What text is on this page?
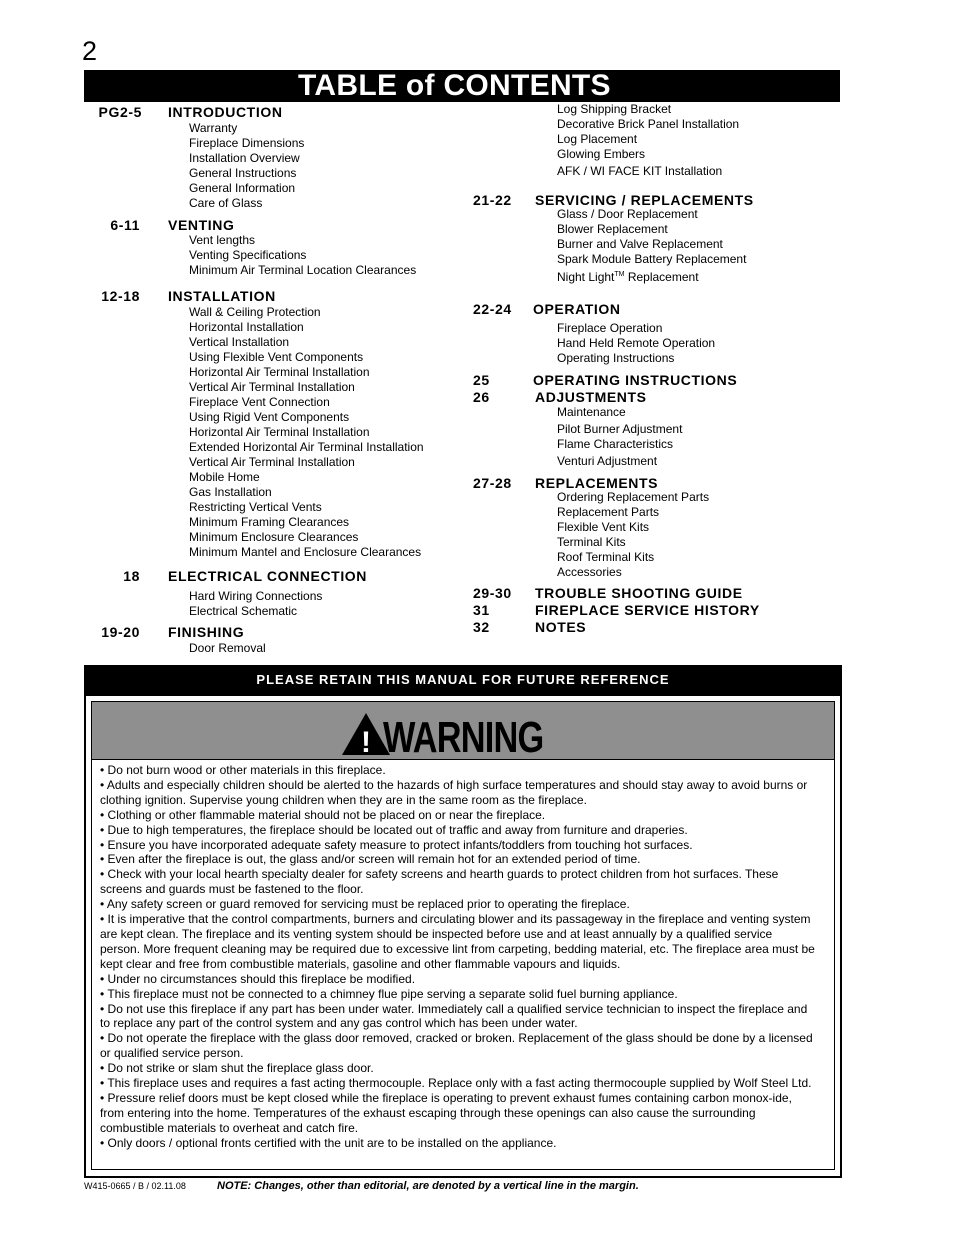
2
TABLE of CONTENTS
PG2-5 INTRODUCTION
Warranty
Fireplace Dimensions
Installation Overview
General Instructions
General Information
Care of Glass
6-11 VENTING
Vent lengths
Venting Specifications
Minimum Air Terminal Location Clearances
12-18 INSTALLATION
Wall & Ceiling Protection
Horizontal Installation
Vertical Installation
Using Flexible Vent Components
Horizontal Air Terminal Installation
Vertical Air Terminal Installation
Fireplace Vent Connection
Using Rigid Vent Components
Horizontal Air Terminal Installation
Extended Horizontal Air Terminal Installation
Vertical Air Terminal Installation
Mobile Home
Gas Installation
Restricting Vertical Vents
Minimum Framing Clearances
Minimum Enclosure Clearances
Minimum Mantel and Enclosure Clearances
18 ELECTRICAL CONNECTION
Hard Wiring Connections
Electrical Schematic
19-20 FINISHING
Door Removal
Log Shipping Bracket
Decorative Brick Panel Installation
Log Placement
Glowing Embers
AFK / WI FACE KIT Installation
21-22 SERVICING / REPLACEMENTS
Glass / Door Replacement
Blower Replacement
Burner and Valve Replacement
Spark Module Battery Replacement
Night Light™ Replacement
22-24 OPERATION
Fireplace Operation
Hand Held Remote Operation
Operating Instructions
25	OPERATING INSTRUCTIONS
26	ADJUSTMENTS
Maintenance
Pilot Burner Adjustment
Flame Characteristics
Venturi Adjustment
27-28 REPLACEMENTS
Ordering Replacement Parts
Replacement Parts
Flexible Vent Kits
Terminal Kits
Roof Terminal Kits
Accessories
29-30 TROUBLE SHOOTING GUIDE
31	FIREPLACE SERVICE HISTORY
32	NOTES
PLEASE RETAIN THIS MANUAL FOR FUTURE REFERENCE
! WARNING
• Do not burn wood or other materials in this fireplace.
• Adults and especially children should be alerted to the hazards of high surface temperatures and should stay away to avoid burns or clothing ignition. Supervise young children when they are in the same room as the fireplace.
• Clothing or other flammable material should not be placed on or near the fireplace.
• Due to high temperatures, the fireplace should be located out of traffic and away from furniture and draperies.
• Ensure you have incorporated adequate safety measure to protect infants/toddlers from touching hot surfaces.
• Even after the fireplace is out, the glass and/or screen will remain hot for an extended period of time.
• Check with your local hearth specialty dealer for safety screens and hearth guards to protect children from hot surfaces. These screens and guards must be fastened to the floor.
• Any safety screen or guard removed for servicing must be replaced prior to operating the fireplace.
• It is imperative that the control compartments, burners and circulating blower and its passageway in the fireplace and venting system are kept clean. The fireplace and its venting system should be inspected before use and at least annually by a qualified service person. More frequent cleaning may be required due to excessive lint from carpeting, bedding material, etc. The fireplace area must be kept clear and free from combustible materials, gasoline and other flammable vapours and liquids.
• Under no circumstances should this fireplace be modified.
• This fireplace must not be connected to a chimney flue pipe serving a separate solid fuel burning appliance.
• Do not use this fireplace if any part has been under water. Immediately call a qualified service technician to inspect the fireplace and to replace any part of the control system and any gas control which has been under water.
• Do not operate the fireplace with the glass door removed, cracked or broken. Replacement of the glass should be done by a licensed or qualified service person.
• Do not strike or slam shut the fireplace glass door.
• This fireplace uses and requires a fast acting thermocouple. Replace only with a fast acting thermocouple supplied by Wolf Steel Ltd.
• Pressure relief doors must be kept closed while the fireplace is operating to prevent exhaust fumes containing carbon monox-ide, from entering into the home. Temperatures of the exhaust escaping through these openings can also cause the surrounding combustible materials to overheat and catch fire.
• Only doors / optional fronts certified with the unit are to be installed on the appliance.
W415-0665 / B / 02.11.08	NOTE: Changes, other than editorial, are denoted by a vertical line in the margin.
